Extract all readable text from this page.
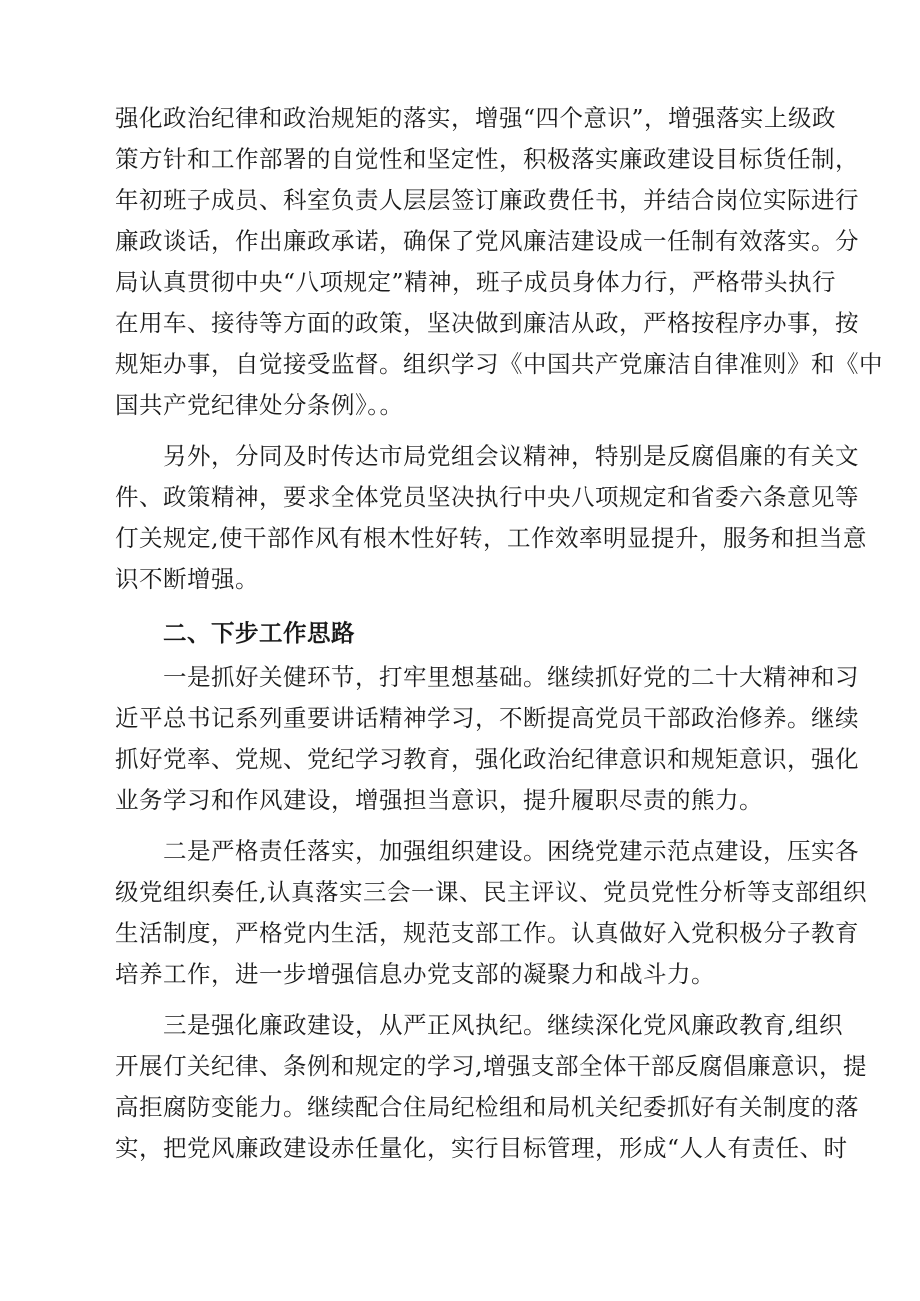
强化政治纪律和政治规矩的落实，增强“四个意识”，增强落实上级政
策方针和工作部署的自觉性和坚定性，积极落实廉政建设目标货任制，
年初班子成员、科室负责人层层签订廉政费任书，并结合岗位实际进行
廉政谈话，作出廉政承诺，确保了党风廉洁建设成一任制有效落实。分
局认真贯彻中央“八项规定”精神，班子成员身体力行，严格带头执行
在用车、接待等方面的政策，坚决做到廉洁从政，严格按程序办事，按
规矩办事，自觉接受监督。组织学习《中国共产党廉洁自律准则》和《中
国共产党纪律处分条例》。。
另外，分同及时传达市局党组会议精神，特别是反腐倡廉的有关文
件、政策精神，要求全体党员坚决执行中央八项规定和省委六条意见等
仃关规定,使干部作风有根木性好转，工作效率明显提升，服务和担当意
识不断增强。
二、下步工作思路
一是抓好关健环节，打牢里想基础。继续抓好党的二十大精神和习
近平总书记系列重要讲话精神学习，不断提高党员干部政治修养。继续
抓好党率、党规、党纪学习教育，强化政治纪律意识和规矩意识，强化
业务学习和作风建设，增强担当意识，提升履职尽责的熊力。
二是严格责任落实，加强组织建设。困绕党建示范点建设，压实各
级党组织奏任,认真落实三会一课、民主评议、党员党性分析等支部组织
生活制度，严格党内生活，规范支部工作。认真做好入党积极分子教育
培养工作，进一步增强信息办党支部的凝聚力和战斗力。
三是强化廉政建设，从严正风执纪。继续深化党风廉政教育,组织
开展仃关纪律、条例和规定的学习,增强支部全体干部反腐倡廉意识，提
高拒腐防变能力。继续配合住局纪检组和局机关纪委抓好有关制度的落
实，把党风廉政建设赤任量化，实行目标管理，形成“人人有责任、时
